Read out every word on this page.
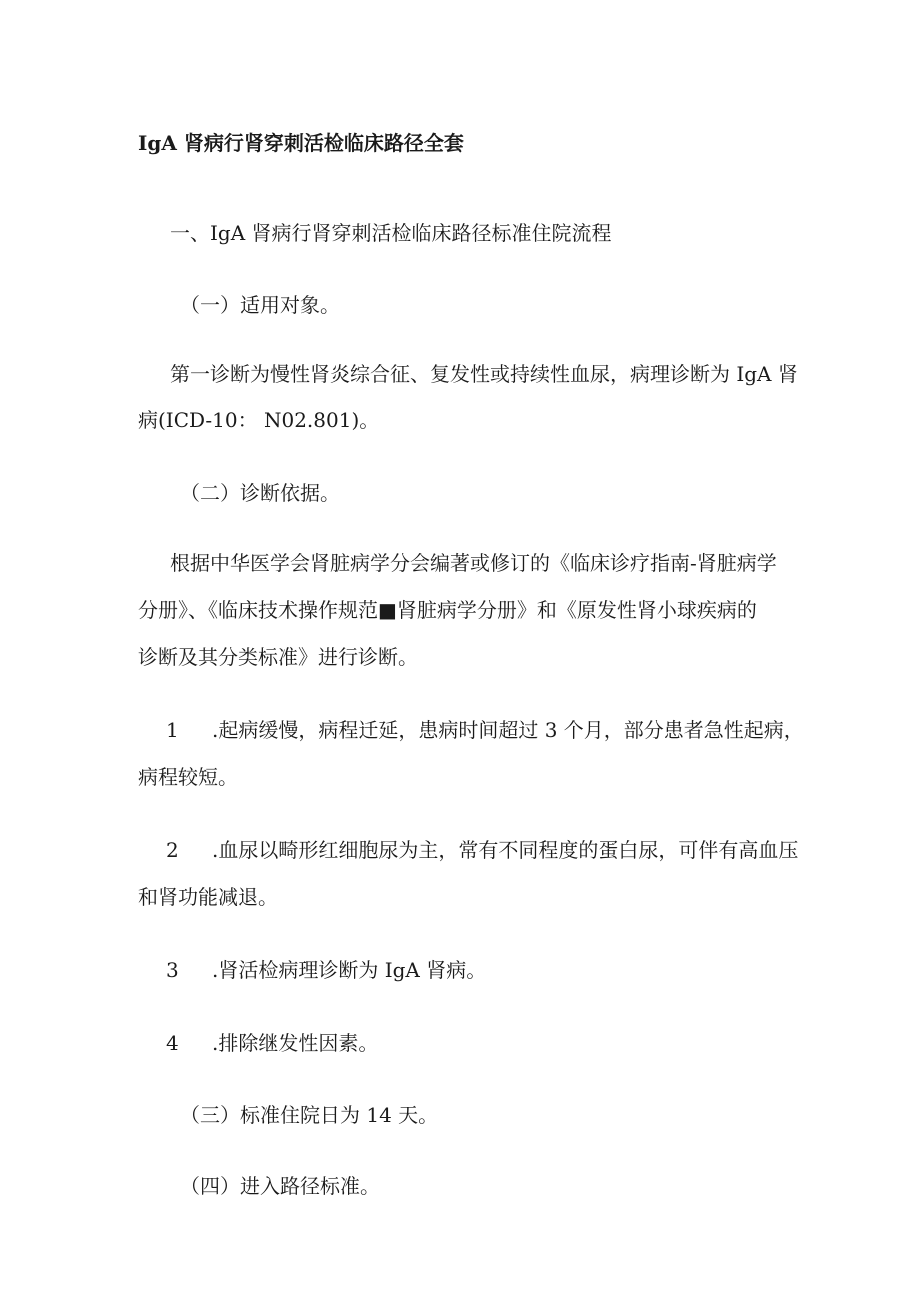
IgA 肾病行肾穿刺活检临床路径全套
一、IgA 肾病行肾穿刺活检临床路径标准住院流程
（一）适用对象。
第一诊断为慢性肾炎综合征、复发性或持续性血尿，病理诊断为 IgA 肾
病(ICD-10： N02.801)。
（二）诊断依据。
根据中华医学会肾脏病学分会编著或修订的《临床诊疗指南-肾脏病学
分册》、《临床技术操作规范■肾脏病学分册》和《原发性肾小球疾病的
诊断及其分类标准》进行诊断。
1 .起病缓慢，病程迁延，患病时间超过 3 个月，部分患者急性起病，
病程较短。
2 .血尿以畸形红细胞尿为主，常有不同程度的蛋白尿，可伴有高血压
和肾功能减退。
3 .肾活检病理诊断为 IgA 肾病。
4 .排除继发性因素。
（三）标准住院日为 14 天。
（四）进入路径标准。
